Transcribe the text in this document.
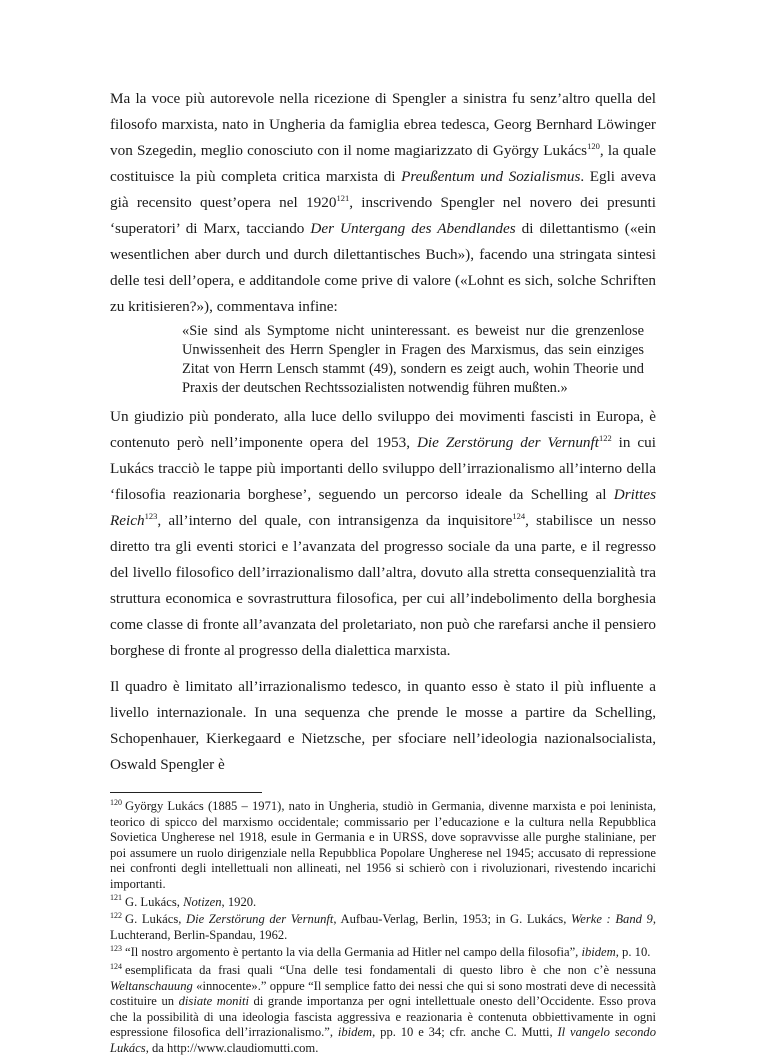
Ma la voce più autorevole nella ricezione di Spengler a sinistra fu senz’altro quella del filosofo marxista, nato in Ungheria da famiglia ebrea tedesca, Georg Bernhard Löwinger von Szegedin, meglio conosciuto con il nome magiarizzato di György Lukács$^{120}$, la quale costituisce la più completa critica marxista di Preußentum und Sozialismus. Egli aveva già recensito quest’opera nel 1920$^{121}$, inscrivendo Spengler nel novero dei presunti ‘superatori’ di Marx, tacciando Der Untergang des Abendlandes di dilettantismo («ein wesentlichen aber durch und durch dilettantisches Buch»), facendo una stringata sintesi delle tesi dell’opera, e additandole come prive di valore («Lohnt es sich, solche Schriften zu kritisieren?»), commentava infine:

«Sie sind als Symptome nicht uninteressant. es beweist nur die grenzenlose Unwissenheit des Herrn Spengler in Fragen des Marxismus, das sein einziges Zitat von Herrn Lensch stammt (49), sondern es zeigt auch, wohin Theorie und Praxis der deutschen Rechtssozialisten notwendig führen mußten.»

Un giudizio più ponderato, alla luce dello sviluppo dei movimenti fascisti in Europa, è contenuto però nell’imponente opera del 1953, Die Zerstörung der Vernunft$^{122}$ in cui Lukács tracciò le tappe più importanti dello sviluppo dell’irrazionalismo all’interno della ‘filosofia reazionaria borghese’, seguendo un percorso ideale da Schelling al Drittes Reich$^{123}$, all’interno del quale, con intransigenza da inquisitore$^{124}$, stabilisce un nesso diretto tra gli eventi storici e l’avanzata del progresso sociale da una parte, e il regresso del livello filosofico dell’irrazionalismo dall’altra, dovuto alla stretta consequenzialità tra struttura economica e sovrastruttura filosofica, per cui all’indebolimento della borghesia come classe di fronte all’avanzata del proletariato, non può che rarefarsi anche il pensiero borghese di fronte al progresso della dialettica marxista.

Il quadro è limitato all’irrazionalismo tedesco, in quanto esso è stato il più influente a livello internazionale. In una sequenza che prende le mosse a partire da Schelling, Schopenhauer, Kierkegaard e Nietzsche, per sfociare nell’ideologia nazionalsocialista, Oswald Spengler è

$^{120}$ György Lukács (1885 – 1971), nato in Ungheria, studiò in Germania, divenne marxista e poi leninista, teorico di spicco del marxismo occidentale; commissario per l’educazione e la cultura nella Repubblica Sovietica Ungherese nel 1918, esule in Germania e in URSS, dove sopravvisse alle purghe staliniane, per poi assumere un ruolo dirigenziale nella Repubblica Popolare Ungherese nel 1945; accusato di repressione nei confronti degli intellettuali non allineati, nel 1956 si schierò con i rivoluzionari, rivestendo incarichi importanti.

$^{121}$ G. Lukács, Notizen, 1920.

$^{122}$ G. Lukács, Die Zerstörung der Vernunft, Aufbau-Verlag, Berlin, 1953; in G. Lukács, Werke : Band 9, Luchterand, Berlin-Spandau, 1962.

$^{123}$ “Il nostro argomento è pertanto la via della Germania ad Hitler nel campo della filosofia”, ibidem, p. 10.

$^{124}$ esemplificata da frasi quali “Una delle tesi fondamentali di questo libro è che non c’è nessuna Weltanschauung «innocente».” oppure “Il semplice fatto dei nessi che qui si sono mostrati deve di necessità costituire un disiate moniti di grande importanza per ogni intellettuale onesto dell’Occidente. Esso prova che la possibilità di una ideologia fascista aggressiva e reazionaria è contenuta obbiettivamente in ogni espressione filosofica dell’irrazionalismo.”, ibidem, pp. 10 e 34; cfr. anche C. Mutti, Il vangelo secondo Lukács, da http://www.claudiomutti.com.
